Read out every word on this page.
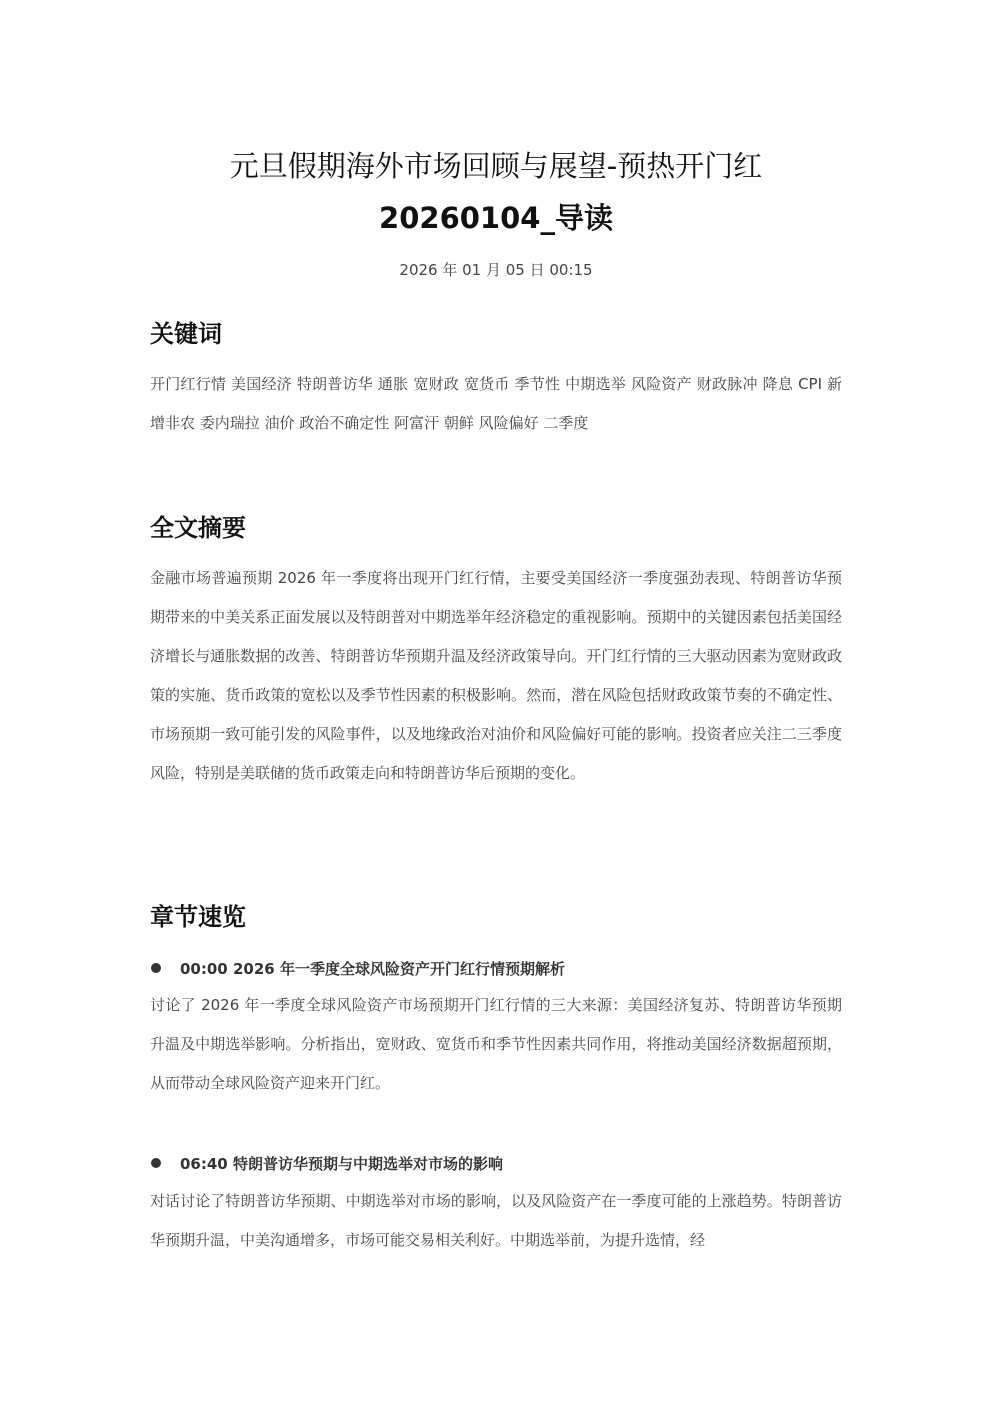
元旦假期海外市场回顾与展望-预热开门红
20260104_导读
2026 年 01 月 05 日 00:15
关键词
开门红行情 美国经济 特朗普访华 通胀 宽财政 宽货币 季节性 中期选举 风险资产 财政脉冲 降息 CPI 新增非农 委内瑞拉 油价 政治不确定性 阿富汗 朝鲜 风险偏好 二季度
全文摘要
金融市场普遍预期 2026 年一季度将出现开门红行情，主要受美国经济一季度强劲表现、特朗普访华预期带来的中美关系正面发展以及特朗普对中期选举年经济稳定的重视影响。预期中的关键因素包括美国经济增长与通胀数据的改善、特朗普访华预期升温及经济政策导向。开门红行情的三大驱动因素为宽财政政策的实施、货币政策的宽松以及季节性因素的积极影响。然而，潜在风险包括财政政策节奏的不确定性、市场预期一致可能引发的风险事件，以及地缘政治对油价和风险偏好可能的影响。投资者应关注二三季度风险，特别是美联储的货币政策走向和特朗普访华后预期的变化。
章节速览
00:00 2026 年一季度全球风险资产开门红行情预期解析
讨论了 2026 年一季度全球风险资产市场预期开门红行情的三大来源：美国经济复苏、特朗普访华预期升温及中期选举影响。分析指出，宽财政、宽货币和季节性因素共同作用，将推动美国经济数据超预期，从而带动全球风险资产迎来开门红。
06:40 特朗普访华预期与中期选举对市场的影响
对话讨论了特朗普访华预期、中期选举对市场的影响，以及风险资产在一季度可能的上涨趋势。特朗普访华预期升温，中美沟通增多，市场可能交易相关利好。中期选举前，为提升选情，经
